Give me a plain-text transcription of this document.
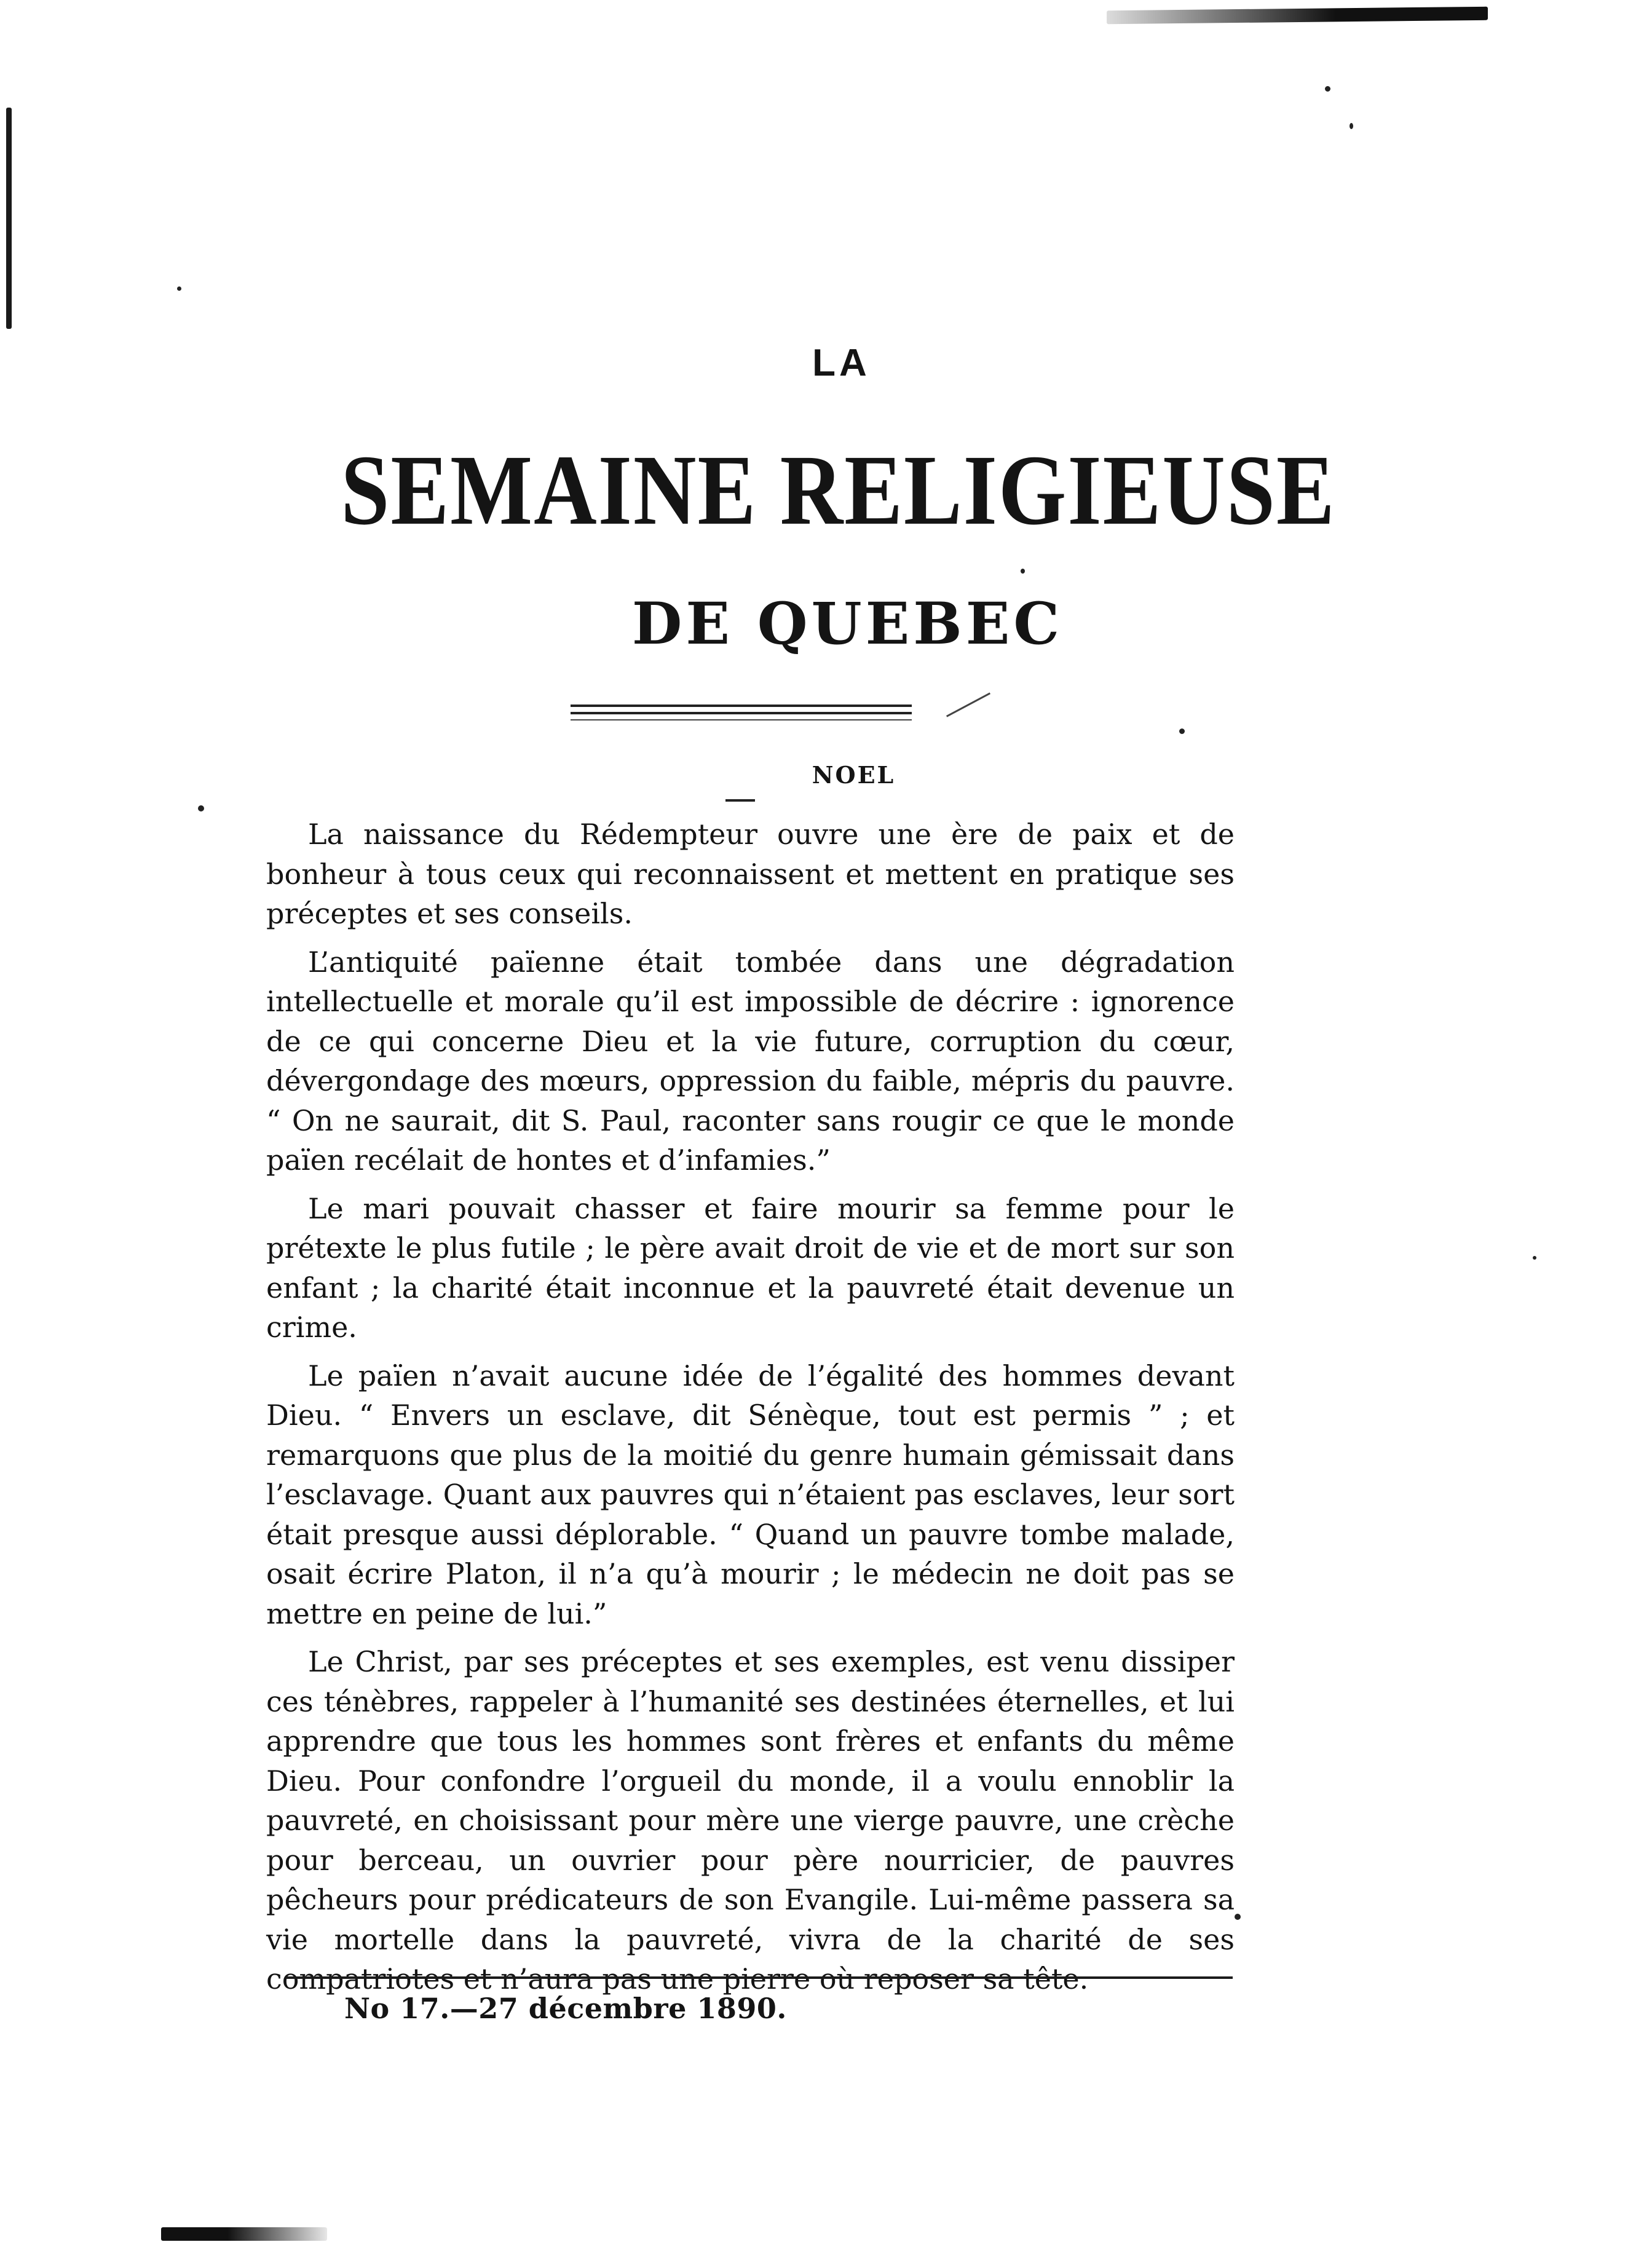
LA
SEMAINE RELIGIEUSE
DE QUEBEC
NOEL

La naissance du Rédempteur ouvre une ère de paix et de bonheur à tous ceux qui reconnaissent et mettent en pratique ses préceptes et ses conseils.

L’antiquité païenne était tombée dans une dégradation intellectuelle et morale qu’il est impossible de décrire : ignorence de ce qui concerne Dieu et la vie future, corruption du cœur, dévergondage des mœurs, oppression du faible, mépris du pauvre. “ On ne saurait, dit S. Paul, raconter sans rougir ce que le monde païen recélait de hontes et d’infamies.”

Le mari pouvait chasser et faire mourir sa femme pour le prétexte le plus futile ; le père avait droit de vie et de mort sur son enfant ; la charité était inconnue et la pauvreté était devenue un crime.

Le païen n’avait aucune idée de l’égalité des hommes devant Dieu. “ Envers un esclave, dit Sénèque, tout est permis ” ; et remarquons que plus de la moitié du genre humain gémissait dans l’esclavage. Quant aux pauvres qui n’étaient pas esclaves, leur sort était presque aussi déplorable. “ Quand un pauvre tombe malade, osait écrire Platon, il n’a qu’à mourir ; le médecin ne doit pas se mettre en peine de lui.”

Le Christ, par ses préceptes et ses exemples, est venu dissiper ces ténèbres, rappeler à l’humanité ses destinées éternelles, et lui apprendre que tous les hommes sont frères et enfants du même Dieu. Pour confondre l’orgueil du monde, il a voulu ennoblir la pauvreté, en choisissant pour mère une vierge pauvre, une crèche pour berceau, un ouvrier pour père nourricier, de pauvres pêcheurs pour prédicateurs de son Evangile. Lui-même passera sa vie mortelle dans la pauvreté, vivra de la charité de ses compatriotes et n’aura pas une pierre où reposer sa tête.

No 17.—27 décembre 1890.
